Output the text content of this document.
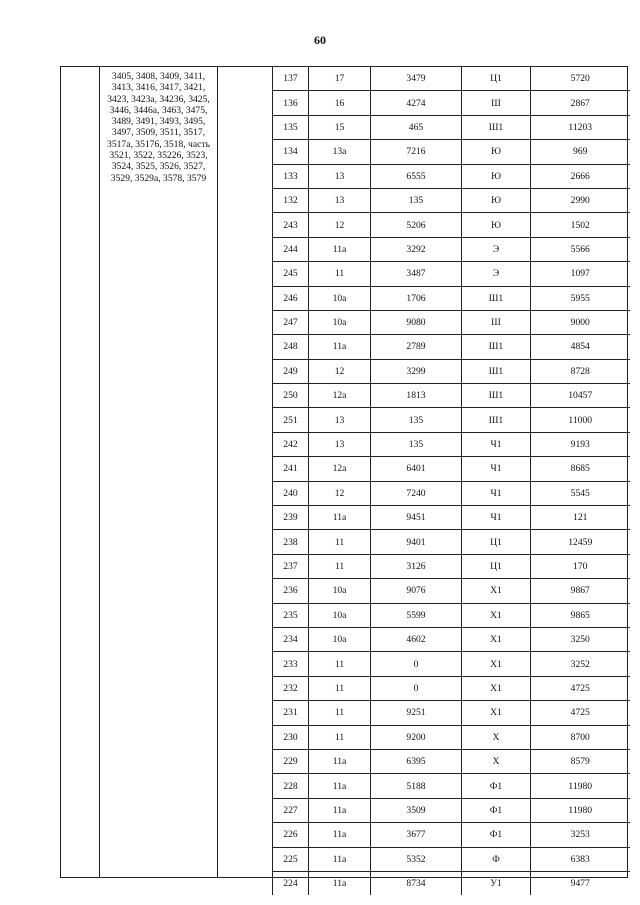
60
3405, 3408, 3409, 3411, 3413, 3416, 3417, 3421, 3423, 3423a, 34236, 3425, 3446, 3446a, 3463, 3475, 3489, 3491, 3493, 3495, 3497, 3509, 3511, 3517, 3517a, 35176, 3518, часть 3521, 3522, 35226, 3523, 3524, 3525, 3526, 3527, 3529, 3529a, 3578, 3579
137	17	3479	Ц1	5720
136	16	4274	Ш	2867
135	15	465	Ш1	11203
134	13a	7216	Ю	969
133	13	6555	Ю	2666
132	13	135	Ю	2990
243	12	5206	Ю	1502
244	11a	3292	Э	5566
245	11	3487	Э	1097
246	10a	1706	Ш1	5955
247	10a	9080	Ш	9000
248	11a	2789	Ш1	4854
249	12	3299	Ш1	8728
250	12a	1813	Ш1	10457
251	13	135	Ш1	11000
242	13	135	Ч1	9193
241	12a	6401	Ч1	8685
240	12	7240	Ч1	5545
239	11a	9451	Ч1	121
238	11	9401	Ц1	12459
237	11	3126	Ц1	170
236	10a	9076	Х1	9867
235	10a	5599	Х1	9865
234	10a	4602	Х1	3250
233	11	0	Х1	3252
232	11	0	Х1	4725
231	11	9251	Х1	4725
230	11	9200	Х	8700
229	11a	6395	Х	8579
228	11a	5188	Ф1	11980
227	11a	3509	Ф1	11980
226	11a	3677	Ф1	3253
225	11a	5352	Ф	6383
224	11a	8734	У1	9477
